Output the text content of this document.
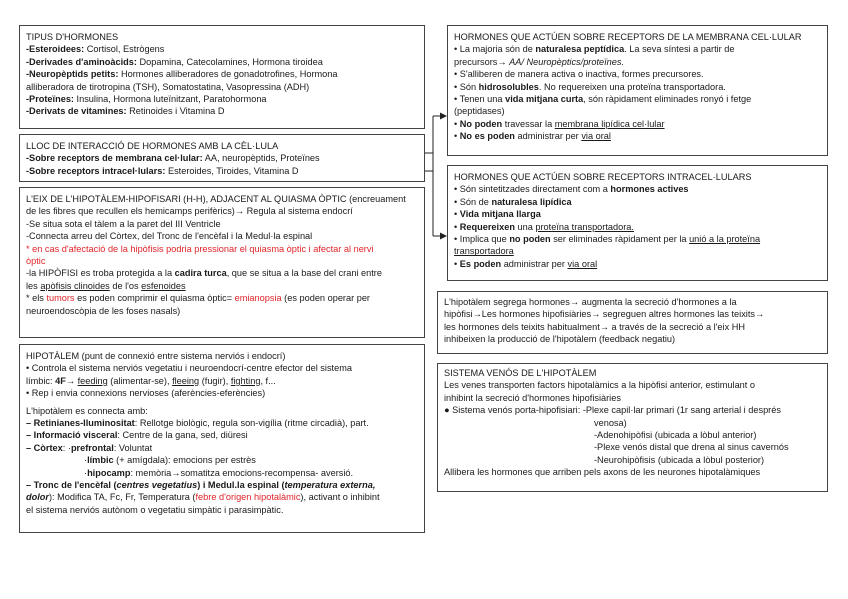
TIPUS D'HORMONES
-Esteroidees: Cortisol, Estrògens
-Derivades d'aminoàcids: Dopamina, Catecolamines, Hormona tiroidea
-Neuropèptids petits: Hormones alliberadores de gonadotrofines, Hormona
alliberadora de tirotropina (TSH), Somatostatina, Vasopressina (ADH)
-Proteïnes: Insulina, Hormona luteïnitzant, Paratohormona
-Derivats de vitamines: Retinoides i Vitamina D
LLOC DE INTERACCIÓ DE HORMONES AMB LA CÈL·LULA
-Sobre receptors de membrana cel·lular: AA, neuropèptids, Proteïnes
-Sobre receptors intracel·lulars: Esteroides, Tiroides, Vitamina D
L'EIX DE L'HIPOTÀLEM-HIPOFISARI (H-H), ADJACENT AL QUIASMA ÒPTIC (encreuament
de les fibres que recullen els hemicamps perifèrics)→ Regula al sistema endocrí
-Se situa sota el tàlem a la paret del III Ventricle
-Connecta arreu del Còrtex, del Tronc de l'encèfal i la Medul·la espinal
* en cas d'afectació de la hipòfisis podria pressionar el quiasma òptic i afectar al nervi
òptic
-la HIPÒFISI es troba protegida a la cadira turca, que se situa a la base del crani entre
les apòfisis clinoides de l'os esfenoides
* els tumors es poden comprimir el quiasma òptic= emianopsia (es poden operar per
neuroendoscòpia de les foses nasals)
HIPOTÀLEM (punt de connexió entre sistema nerviós i endocrí)
• Controla el sistema nerviós vegetatiu i neuroendocrí-centre efector del sistema
límbic: 4F→ feeding (alimentar-se), fleeing (fugir), fighting, f...
• Rep i envia connexions nervioses (aferències-eferències)
L'hipotàlem es connecta amb:
– Retinianes-Iluminositat: Rellotge biològic, regula son-vigília (ritme circadià), part.
– Informació visceral: Centre de la gana, sed, diüresi
– Còrtex: ·prefrontal: Voluntat
·límbic (+ amígdala): emocions per estrès
·hipocamp: memòria→somatitza emocions-recompensa- aversió.
– Tronc de l'encèfal (centres vegetatius) i Medul.la espinal (temperatura externa,
dolor): Modifica TA, Fc, Fr, Temperatura (febre d'origen hipotalàmic), activant o inhibint
el sistema nerviós autònom o vegetatiu simpàtic i parasimpàtic.
HORMONES QUE ACTÚEN SOBRE RECEPTORS DE LA MEMBRANA CEL·LULAR
• La majoria són de naturalesa peptídica. La seva síntesi a partir de
precursors→ AA/ Neuropèptics/proteïnes.
• S'alliberen de manera activa o inactiva, formes precursores.
• Són hidrosolubles. No requereixen una proteïna transportadora.
• Tenen una vida mitjana curta, són ràpidament eliminades ronyó i fetge
(peptidases)
• No poden travessar la membrana lipídica cel·lular
• No es poden administrar per via oral
HORMONES QUE ACTÚEN SOBRE RECEPTORS INTRACEL·LULARS
• Són sintetitzades directament com a hormones actives
• Són de naturalesa lipídica
• Vida mitjana llarga
• Requereixen una proteïna transportadora.
• Implica que no poden ser eliminades ràpidament per la unió a la proteïna
transportadora
• Es poden administrar per via oral
L'hipotàlem segrega hormones→ augmenta la secreció d'hormones a la
hipòfisi→Les hormones hipofisiàries→ segreguen altres hormones las teixits→
les hormones dels teixits habitualment→ a través de la secreció a l'eix HH
inhibeixen la producció de l'hipotàlem (feedback negatiu)
SISTEMA VENÓS DE L'HIPOTÀLEM
Les venes transporten factors hipotalàmics a la hipòfisi anterior, estimulant o
inhibint la secreció d'hormones hipofisiàries
● Sistema venós porta-hipofisiari: -Plexe capil·lar primari (1r sang arterial i després
venosa)
-Adenohipòfisi (ubicada a lòbul anterior)
-Plexe venós distal que drena al sinus cavernós
-Neurohipòfisis (ubicada a lòbul posterior)
Allibera les hormones que arriben pels axons de les neurones hipotalàmiques
